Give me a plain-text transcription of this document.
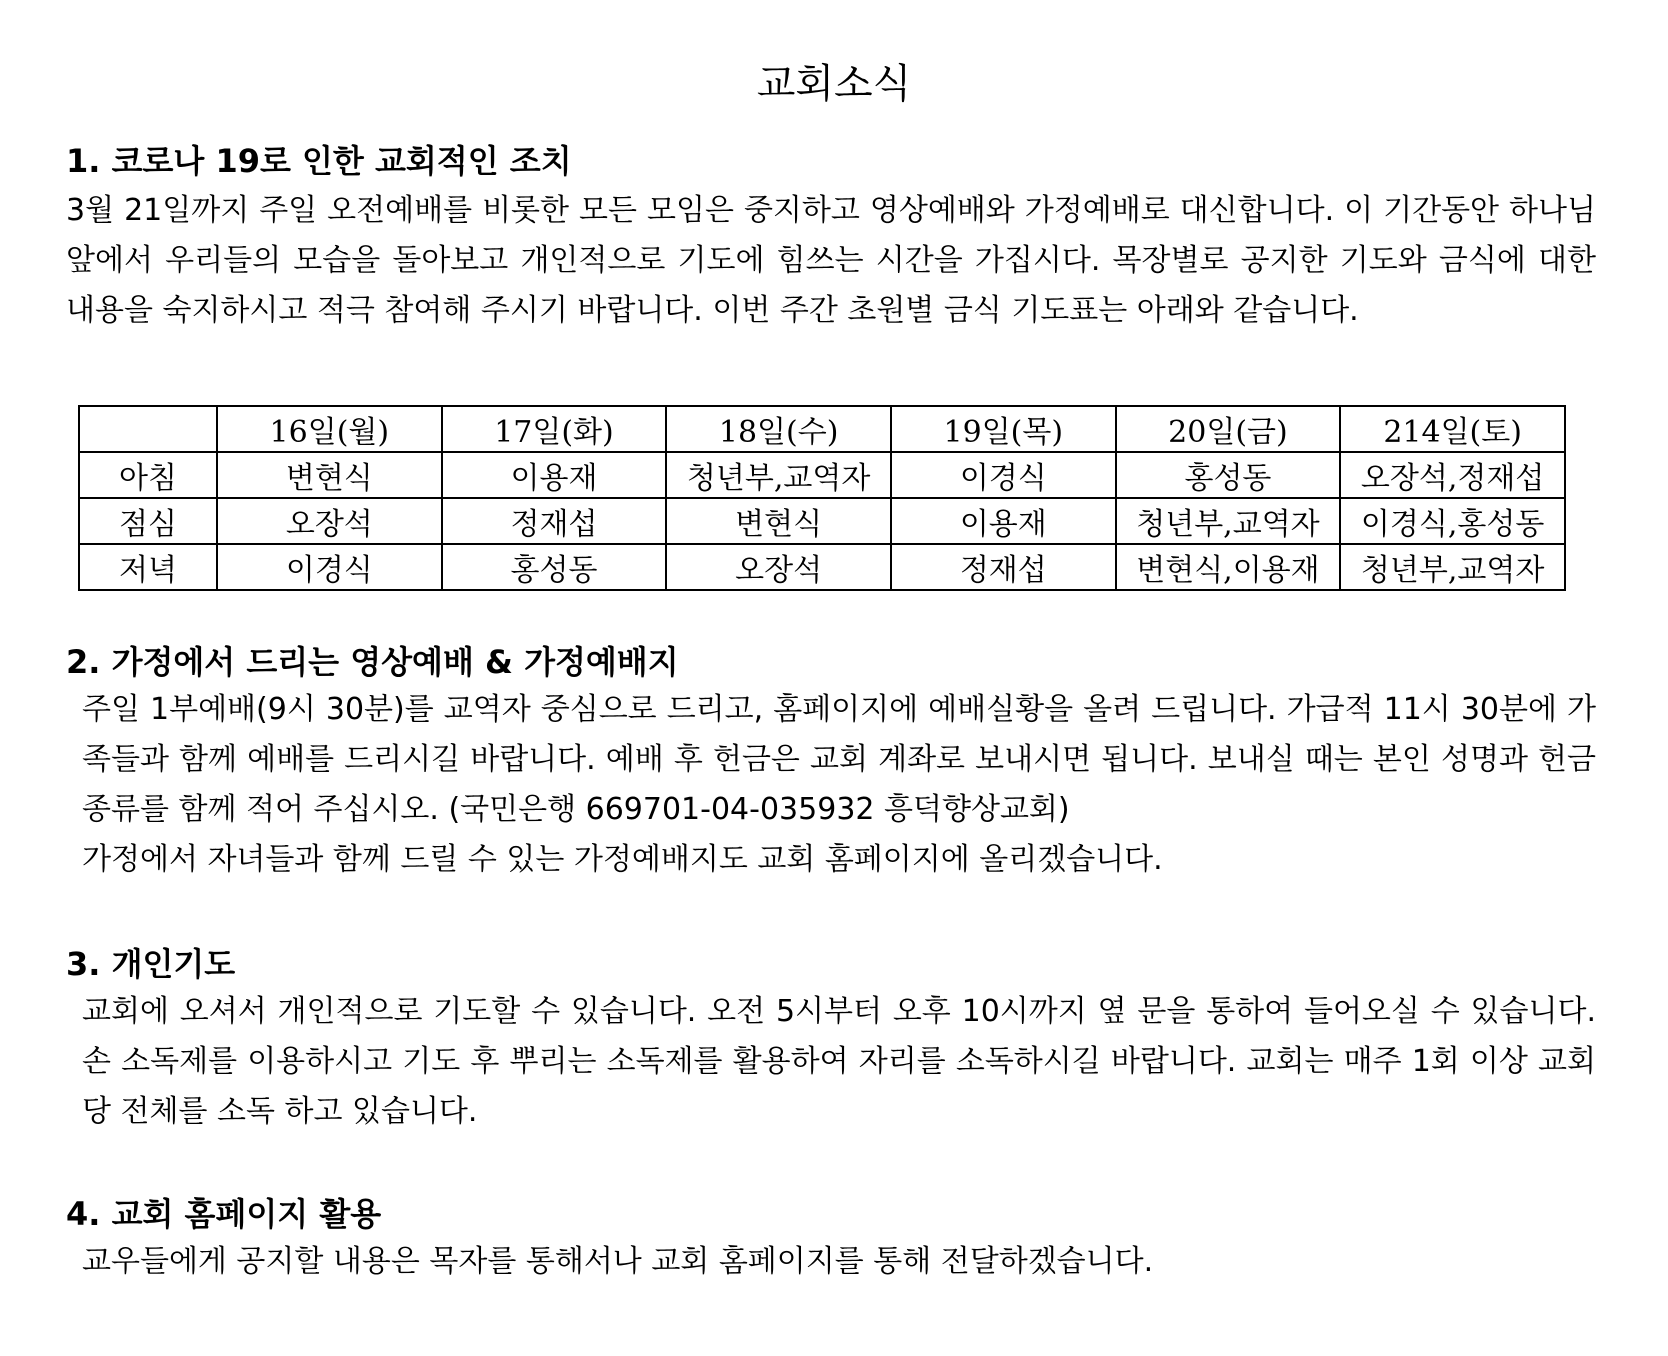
교회소식
1. 코로나 19로 인한 교회적인 조치

3월 21일까지 주일 오전예배를 비롯한 모든 모임은 중지하고 영상예배와 가정예배로 대신합니다. 이 기간동안 하나님 앞에서 우리들의 모습을 돌아보고 개인적으로 기도에 힘쓰는 시간을 가집시다. 목장별로 공지한 기도와 금식에 대한 내용을 숙지하시고 적극 참여해 주시기 바랍니다. 이번 주간 초원별 금식 기도표는 아래와 같습니다.

	16일(월)	17일(화)	18일(수)	19일(목)	20일(금)	214일(토)
아침	변현식	이용재	청년부,교역자	이경식	홍성동	오장석,정재섭
점심	오장석	정재섭	변현식	이용재	청년부,교역자	이경식,홍성동
저녁	이경식	홍성동	오장석	정재섭	변현식,이용재	청년부,교역자
2. 가정에서 드리는 영상예배 & 가정예배지

주일 1부예배(9시 30분)를 교역자 중심으로 드리고, 홈페이지에 예배실황을 올려 드립니다. 가급적 11시 30분에 가족들과 함께 예배를 드리시길 바랍니다. 예배 후 헌금은 교회 계좌로 보내시면 됩니다. 보내실 때는 본인 성명과 헌금 종류를 함께 적어 주십시오. (국민은행 669701-04-035932 흥덕향상교회)

가정에서 자녀들과 함께 드릴 수 있는 가정예배지도 교회 홈페이지에 올리겠습니다.

3. 개인기도

교회에 오셔서 개인적으로 기도할 수 있습니다. 오전 5시부터 오후 10시까지 옆 문을 통하여 들어오실 수 있습니다. 손 소독제를 이용하시고 기도 후 뿌리는 소독제를 활용하여 자리를 소독하시길 바랍니다. 교회는 매주 1회 이상 교회당 전체를 소독 하고 있습니다.

4. 교회 홈페이지 활용

교우들에게 공지할 내용은 목자를 통해서나 교회 홈페이지를 통해 전달하겠습니다.
